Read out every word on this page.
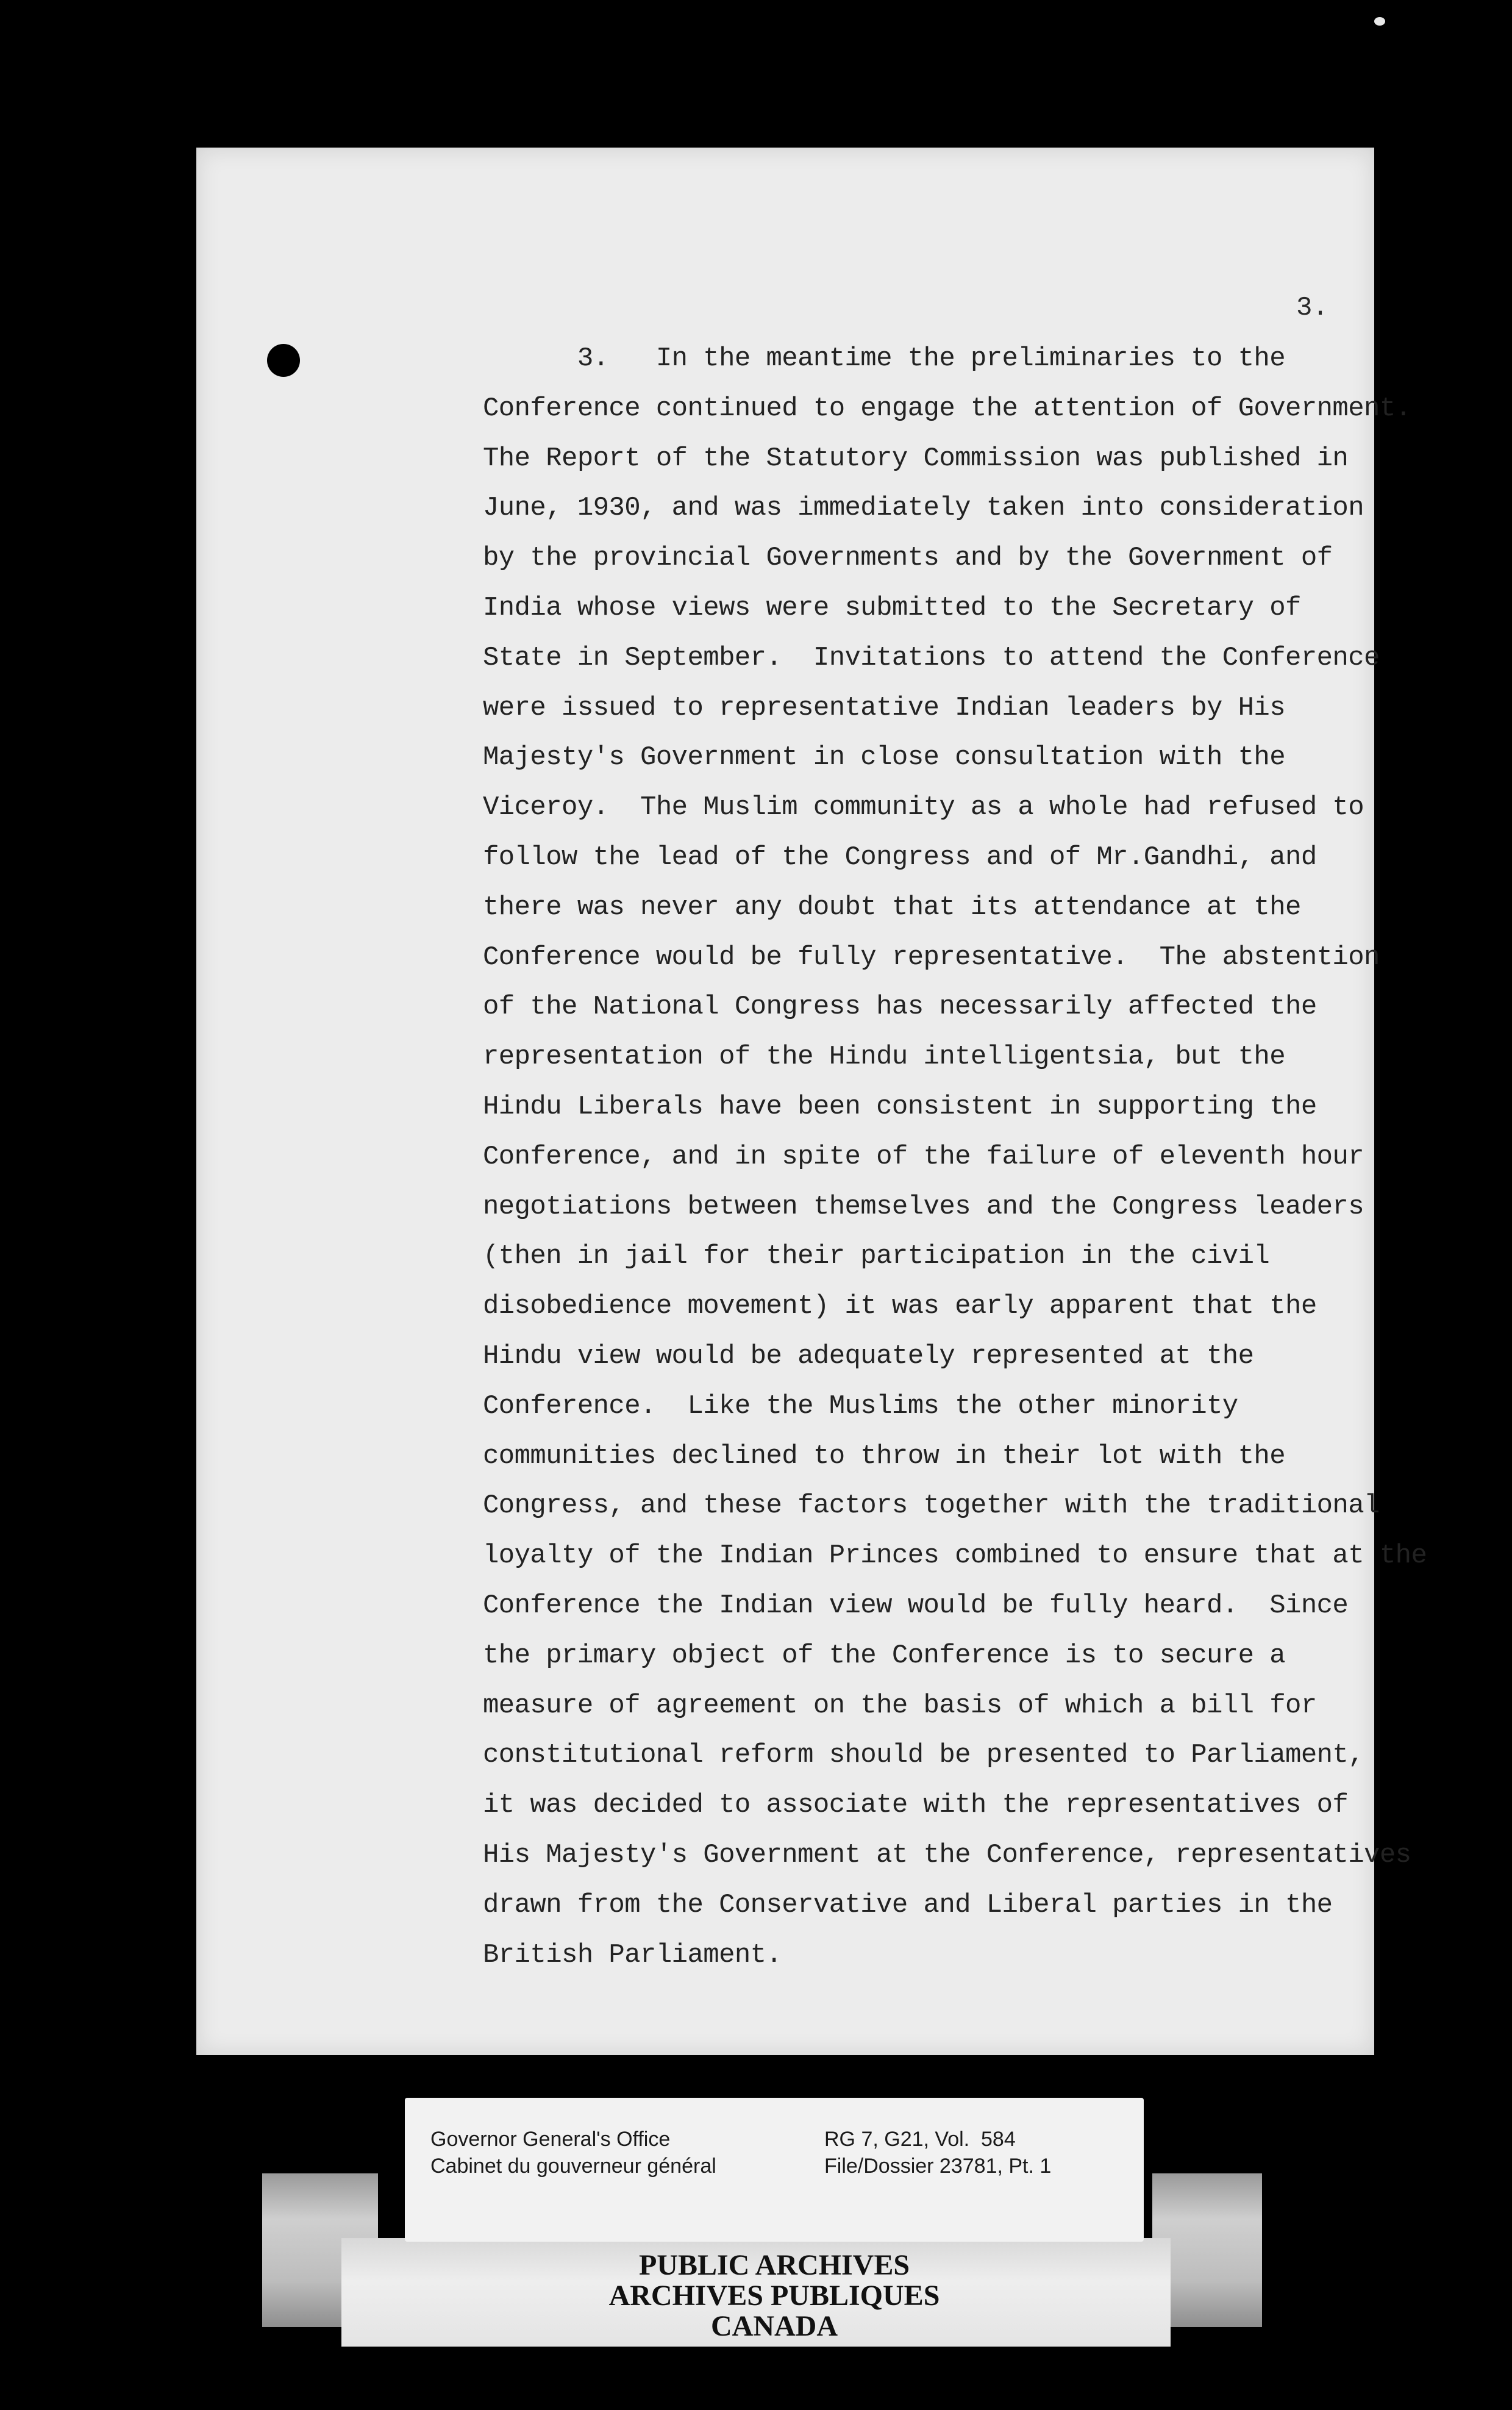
3.
3.   In the meantime the preliminaries to the
Conference continued to engage the attention of Government.
The Report of the Statutory Commission was published in
June, 1930, and was immediately taken into consideration
by the provincial Governments and by the Government of
India whose views were submitted to the Secretary of
State in September.  Invitations to attend the Conference
were issued to representative Indian leaders by His
Majesty's Government in close consultation with the
Viceroy.  The Muslim community as a whole had refused to
follow the lead of the Congress and of Mr.Gandhi, and
there was never any doubt that its attendance at the
Conference would be fully representative.  The abstention
of the National Congress has necessarily affected the
representation of the Hindu intelligentsia, but the
Hindu Liberals have been consistent in supporting the
Conference, and in spite of the failure of eleventh hour
negotiations between themselves and the Congress leaders
(then in jail for their participation in the civil
disobedience movement) it was early apparent that the
Hindu view would be adequately represented at the
Conference.  Like the Muslims the other minority
communities declined to throw in their lot with the
Congress, and these factors together with the traditional
loyalty of the Indian Princes combined to ensure that at the
Conference the Indian view would be fully heard.  Since
the primary object of the Conference is to secure a
measure of agreement on the basis of which a bill for
constitutional reform should be presented to Parliament,
it was decided to associate with the representatives of
His Majesty's Government at the Conference, representatives
drawn from the Conservative and Liberal parties in the
British Parliament.
Governor General's Office
Cabinet du gouverneur général
RG 7, G21, Vol.  584
File/Dossier 23781, Pt. 1
PUBLIC ARCHIVES
ARCHIVES PUBLIQUES
CANADA
